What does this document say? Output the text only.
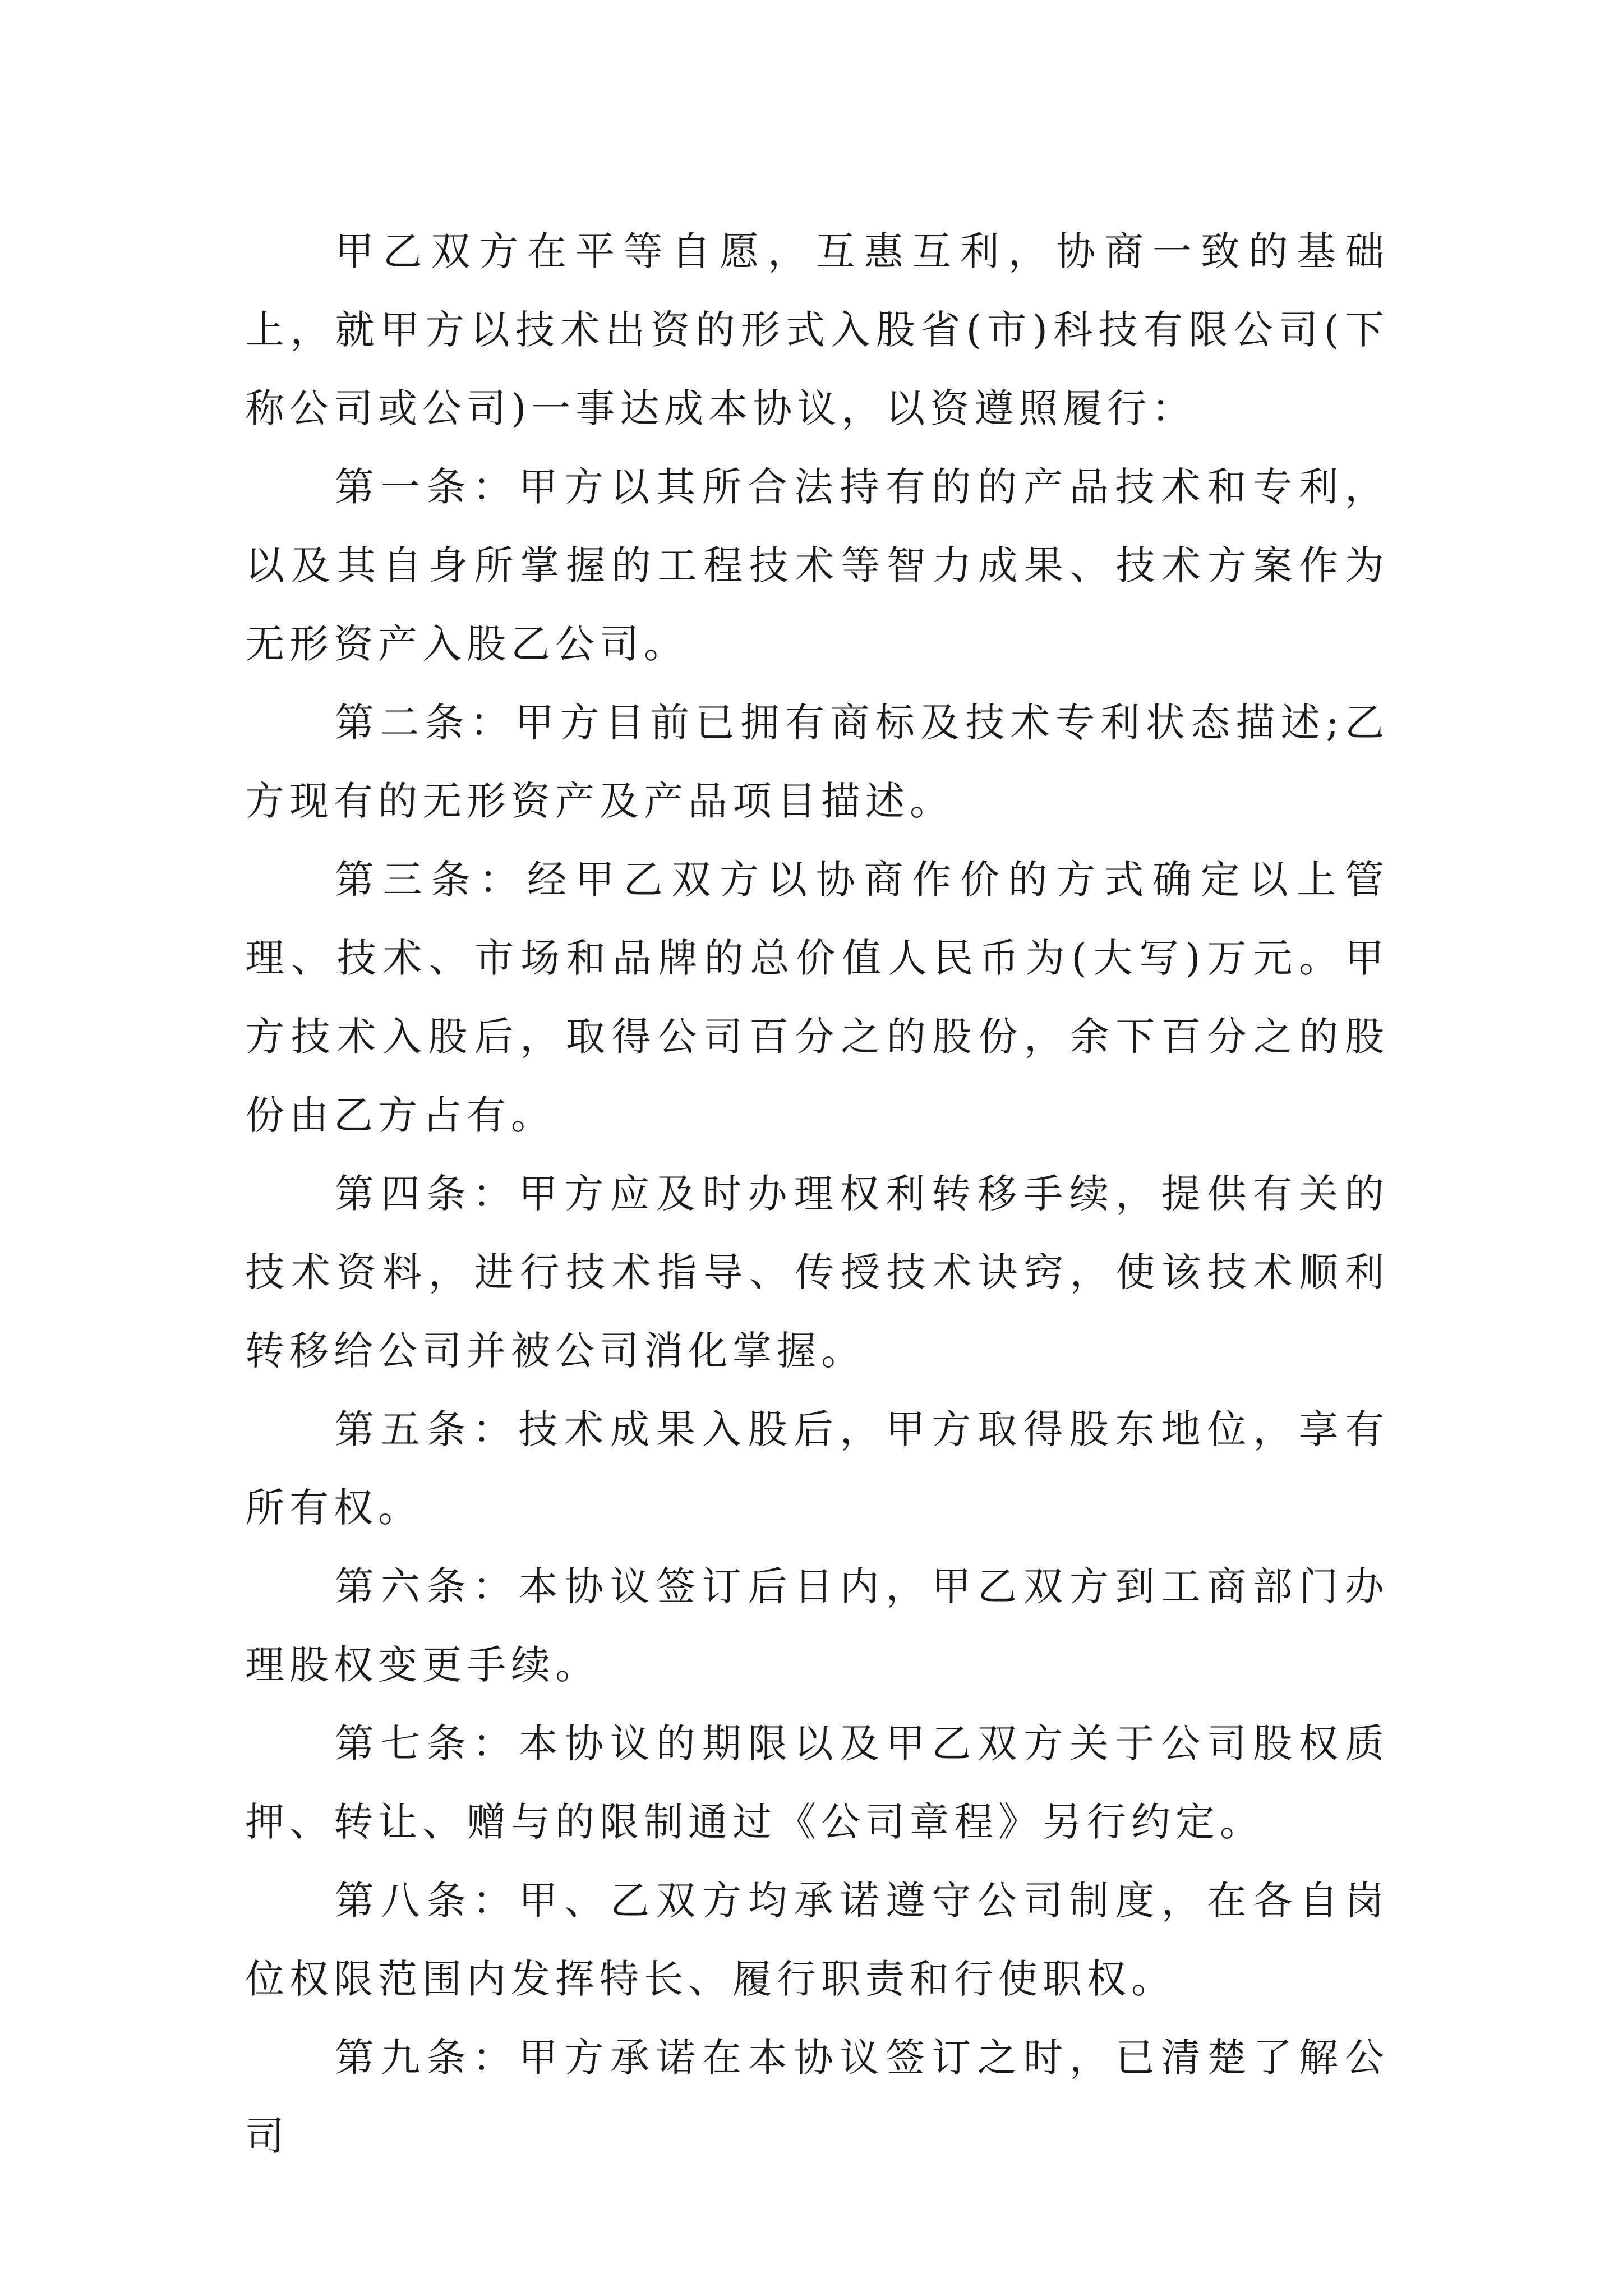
甲乙双方在平等自愿，互惠互利，协商一致的基础上，就甲方以技术出资的形式入股省(市)科技有限公司(下称公司或公司)一事达成本协议，以资遵照履行：

第一条：甲方以其所合法持有的的产品技术和专利，以及其自身所掌握的工程技术等智力成果、技术方案作为无形资产入股乙公司。

第二条：甲方目前已拥有商标及技术专利状态描述;乙方现有的无形资产及产品项目描述。

第三条：经甲乙双方以协商作价的方式确定以上管理、技术、市场和品牌的总价值人民币为(大写)万元。甲方技术入股后，取得公司百分之的股份，余下百分之的股份由乙方占有。

第四条：甲方应及时办理权利转移手续，提供有关的技术资料，进行技术指导、传授技术诀窍，使该技术顺利转移给公司并被公司消化掌握。

第五条：技术成果入股后，甲方取得股东地位，享有所有权。

第六条：本协议签订后日内，甲乙双方到工商部门办理股权变更手续。

第七条：本协议的期限以及甲乙双方关于公司股权质押、转让、赠与的限制通过《公司章程》另行约定。

第八条：甲、乙双方均承诺遵守公司制度，在各自岗位权限范围内发挥特长、履行职责和行使职权。

第九条：甲方承诺在本协议签订之时，已清楚了解公司
